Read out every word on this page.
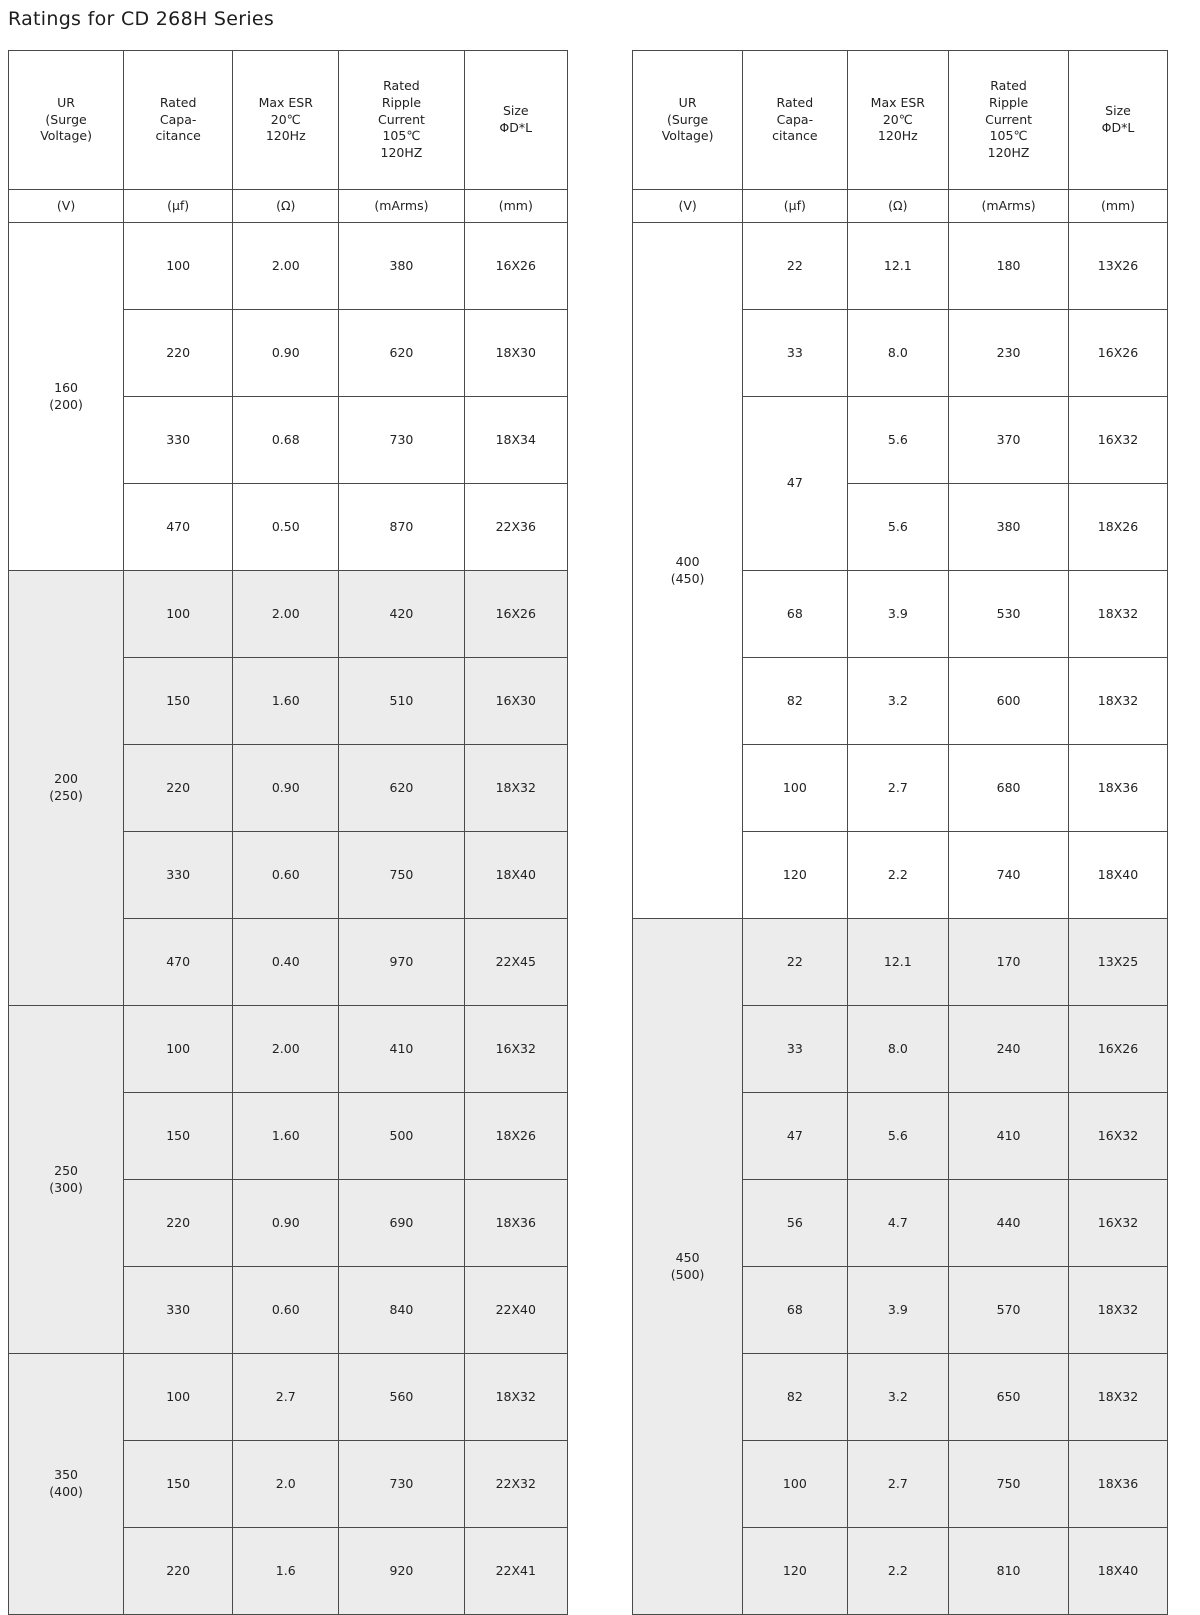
Ratings for CD 268H Series
UR
(Surge
Voltage)	Rated
Capa-
citance	Max ESR
20℃
120Hz	Rated
Ripple
Current
105℃
120HZ	Size
ΦD*L

(V)	(µf)	(Ω)	(mArms)	(mm)

160
(200)	100	2.00	380	16X26
	220	0.90	620	18X30
	330	0.68	730	18X34
	470	0.50	870	22X36

200
(250)	100	2.00	420	16X26
	150	1.60	510	16X30
	220	0.90	620	18X32
	330	0.60	750	18X40
	470	0.40	970	22X45

250
(300)	100	2.00	410	16X32
	150	1.60	500	18X26
	220	0.90	690	18X36
	330	0.60	840	22X40

350
(400)	100	2.7	560	18X32
	150	2.0	730	22X32
	220	1.6	920	22X41
UR
(Surge
Voltage)	Rated
Capa-
citance	Max ESR
20℃
120Hz	Rated
Ripple
Current
105℃
120HZ	Size
ΦD*L

(V)	(µf)	(Ω)	(mArms)	(mm)

400
(450)	22	12.1	180	13X26
	33	8.0	230	16X26
	47	5.6	370	16X32
		5.6	380	18X26
	68	3.9	530	18X32
	82	3.2	600	18X32
	100	2.7	680	18X36
	120	2.2	740	18X40

450
(500)	22	12.1	170	13X25
	33	8.0	240	16X26
	47	5.6	410	16X32
	56	4.7	440	16X32
	68	3.9	570	18X32
	82	3.2	650	18X32
	100	2.7	750	18X36
	120	2.2	810	18X40
